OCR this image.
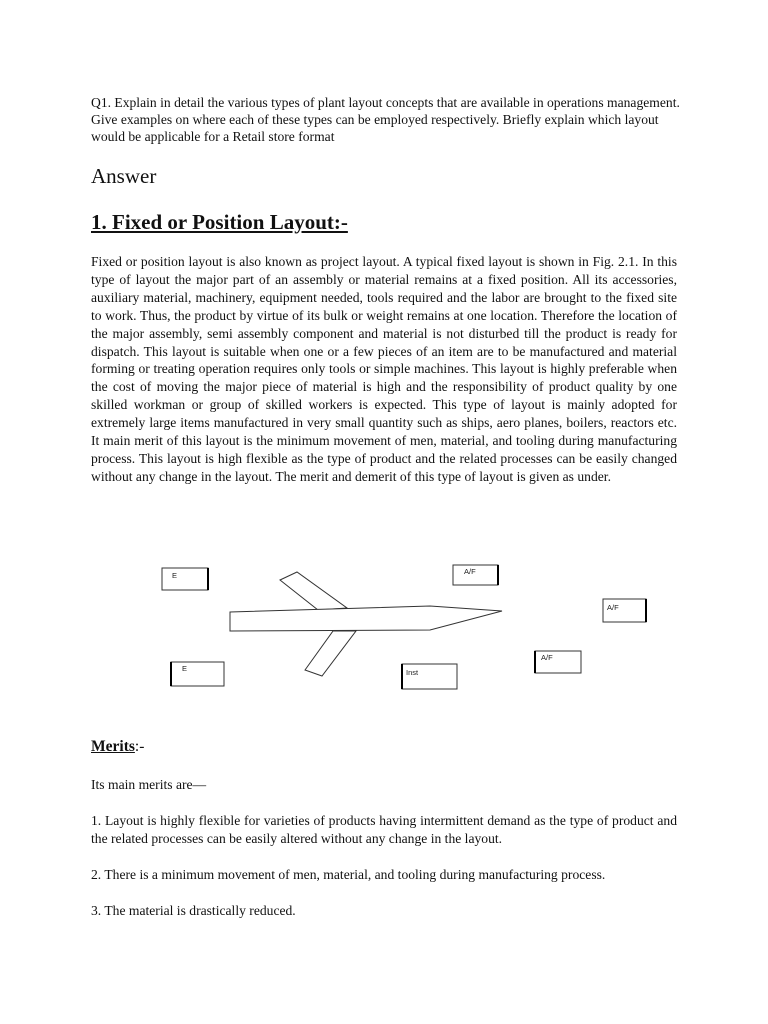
Q1. Explain in detail the various types of plant layout concepts that are available in operations management. Give examples on where each of these types can be employed respectively. Briefly explain which layout would be applicable for a Retail store format
Answer
1. Fixed or Position Layout:-
Fixed or position layout is also known as project layout. A typical fixed layout is shown in Fig. 2.1. In this type of layout the major part of an assembly or material remains at a fixed position. All its accessories, auxiliary material, machinery, equipment needed, tools required and the labor are brought to the fixed site to work. Thus, the product by virtue of its bulk or weight remains at one location. Therefore the location of the major assembly, semi assembly component and material is not disturbed till the product is ready for dispatch. This layout is suitable when one or a few pieces of an item are to be manufactured and material forming or treating operation requires only tools or simple machines. This layout is highly preferable when the cost of moving the major piece of material is high and the responsibility of product quality by one skilled workman or group of skilled workers is expected. This type of layout is mainly adopted for extremely large items manufactured in very small quantity such as ships, aero planes, boilers, reactors etc. It main merit of this layout is the minimum movement of men, material, and tooling during manufacturing process. This layout is high flexible as the type of product and the related processes can be easily changed without any change in the layout. The merit and demerit of this type of layout is given as under.
E	A/F
A/F
E	Inst
A/F
Merits:-
Its main merits are—
1. Layout is highly flexible for varieties of products having intermittent demand as the type of product and the related processes can be easily altered without any change in the layout.
2. There is a minimum movement of men, material, and tooling during manufacturing process.
3. The material is drastically reduced.
